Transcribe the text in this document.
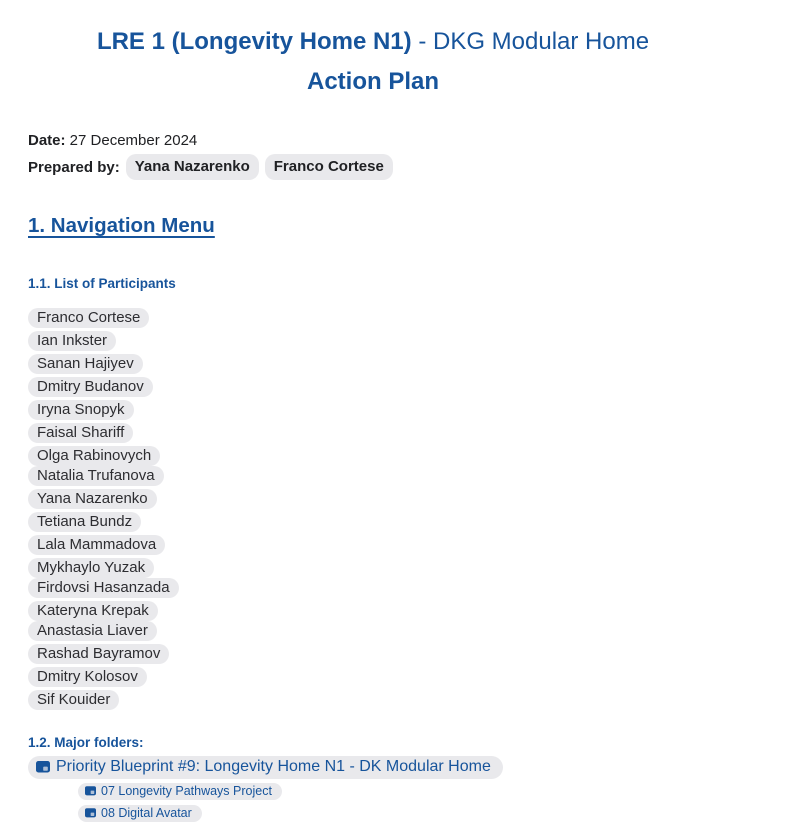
LRE 1 (Longevity Home N1) - DKG Modular Home
Action Plan
Date: 27 December 2024
Prepared by:	Yana Nazarenko	Franco Cortese
1. Navigation Menu
1.1. List of Participants
Franco Cortese
Ian Inkster
Sanan Hajiyev
Dmitry Budanov
Iryna Snopyk
Faisal Shariff
Olga Rabinovych
Natalia Trufanova
Yana Nazarenko
Tetiana Bundz
Lala Mammadova
Mykhaylo Yuzak
Firdovsi Hasanzada
Kateryna Krepak
Anastasia Liaver
Rashad Bayramov
Dmitry Kolosov
Sif Kouider
1.2. Major folders:
Priority Blueprint #9: Longevity Home N1 - DK Modular Home
07 Longevity Pathways Project
08 Digital Avatar
